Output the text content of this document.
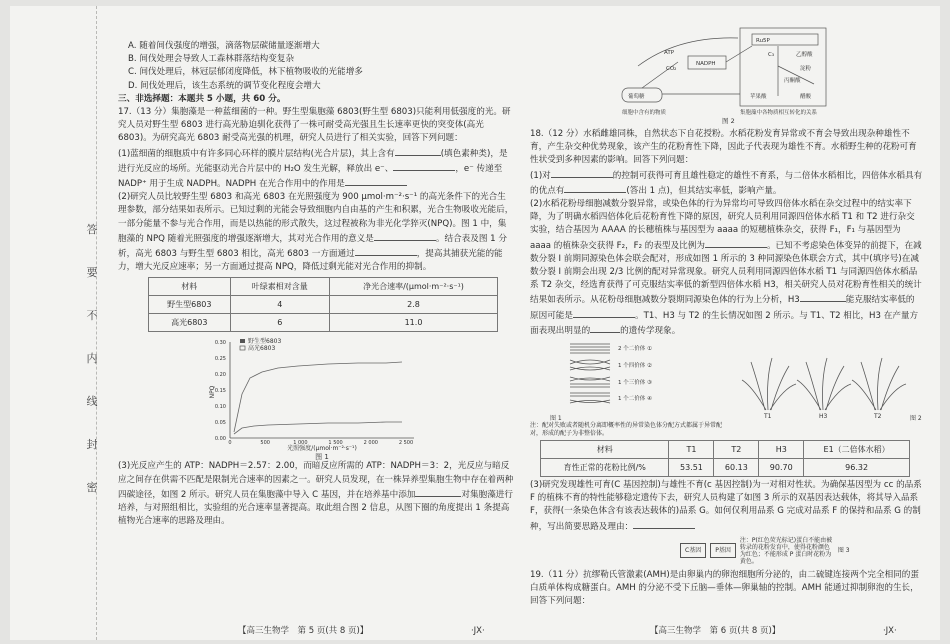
答
要
不
内
线
封
密

A. 随着间伐强度的增强，滴落物层碳储量逐渐增大

B. 间伐处理会导致人工森林群落结构变复杂

C. 间伐处理后，林冠层郁闭度降低，林下植物吸收的光能增多

D. 间伐处理后，该生态系统的调节变化程度会增大

三、非选择题：本题共 5 小题，共 60 分。

17.（13 分）集胞藻是一种蓝细菌的一种。野生型集胞藻 6803(野生型 6803)只能利用低强度的光。研究人员对野生型 6803 进行高光胁迫驯化获得了一株可耐受高光强且生长速率更快的突变体(高光 6803)。为研究高光 6803 耐受高光强的机理，研究人员进行了相关实验，回答下列问题：

(1)蓝细菌的细胞质中有许多同心环样的膜片层结构(光合片层)，其上含有	(填色素种类)，是进行光反应的场所。光能驱动光合片层中的 H₂O 发生光解，释放出 e⁻、	，e⁻ 传递至 NADP⁺ 用于生成 NADPH。NADPH 在光合作用中的作用是

(2)研究人员比较野生型 6803 和高光 6803 在光照强度为 900 μmol·m⁻²·s⁻¹ 的高光条件下的光合生理参数，部分结果如表所示。已知过剩的光能会导致细胞内自由基的产生和积累，光合生物吸收光能后，一部分能量不参与光合作用，而是以热能的形式散失，这过程被称为非光化学猝灭(NPQ)。图 1 中，集胞藻的 NPQ 随着光照强度的增强逐渐增大，其对光合作用的意义是	。结合表及图 1 分析，高光 6803 与野生型 6803 相比，高光 6803 一方面通过	，提高其捕获光能的能力，增大光反应速率；另一方面通过提高 NPQ，降低过剩光能对光合作用的抑制。

材料	叶绿素相对含量	净光合速率/(μmol·m⁻²·s⁻¹)
野生型6803	4	2.8
高光6803	6	11.0
0.00
0.05
0.10
0.15
0.20
0.25
0.30
0	500	1 000	1 500	2 000	2 500
NPQ
光照强度/(μmol·m⁻²·s⁻¹)
图 1
野生型6803
高光6803

(3)光反应产生的 ATP：NADPH＝2.57：2.00，而暗反应所需的 ATP：NADPH＝3：2，光反应与暗反应之间存在供需不匹配是限制光合速率的因素之一。研究人员发现，在一株异养型集胞生物中存在着两种四碳途径，如图 2 所示。研究人员在集胞藻中导入 C 基因，并在培养基中添加	对集胞藻进行培养，与对照组相比，实验组的光合速率显著提高。取此组合图 2 信息，从图下圈的角度提出 1 条提高植物光合速率的思路及理由。

【高三生物学　第 5 页(共 8 页)】	·JX·
ATP
NADPH
CO₂
Ru5P
C₃	乙醇酸
淀粉
丙酮酸
葡萄糖	苹果酸	醋酸
细胞中含有的物质	集胞藻中各物质相互转化的关系
图 2

18.（12 分）水稻雌雄同株，自然状态下自花授粉。水稻花粉发育异常或不育会导致出现杂种雄性不育，产生杂交种优势现象，该产生的花粉育性下降，因此子代表现为雄性不育。水稻野生种的花粉可育性状受到多种因素的影响。回答下列问题：

(1)对	的控制可获得可育且雄性稳定的雄性不育系，与二倍体水稻相比，四倍体水稻具有的优点有	(答出 1 点)，但其结实率低，影响产量。

(2)水稻花粉母细胞减数分裂异常，或染色体的行为异常均可导致四倍体水稻在杂交过程中的结实率下降，为了明确水稻四倍体化后花粉育性下降的原因，研究人员利用同源四倍体水稻 T1 和 T2 进行杂交实验，结合基因为 AAAA 的长穗植株与基因型为 aaaa 的短穗植株杂交，获得 F₁，F₁ 与基因型为 aaaa 的植株杂交获得 F₂，F₂ 的表型及比例为	。已知不考虑染色体变异的前提下，在减数分裂 I 前期同源染色体会联会配对，形成如图 1 所示的 3 种同源染色体联会方式，其中(填序号)在减数分裂 I 前期会出现 2/3 比例的配对异常现象。研究人员利用同源四倍体水稻 T1 与同源四倍体水稻品系 T2 杂交，经选育获得了可克服结实率低的新型四倍体水稻 H3，相关研究人员对花粉育性相关的统计结果如表所示。从花粉母细胞减数分裂期同源染色体的行为上分析，H3	能克服结实率低的原因可能是	。T1、H3 与 T2 的生长情况如图 2 所示。与 T1、T2 相比，H3 在产量方面表现出明显的	的遗传学现象。

2 个二价体 ①
1 个四价体 ②
1 个三价体 ③
1 个二价体 ④
图 1	T1	H3	T2	图 2

注：配对失败或者随机分离即概率性的异常染色体分配方式都属于异常配对，形成的配子为非整倍体。

材料	T1	T2	H3	E1（二倍体水稻）
育性正常的花粉比例/%	53.51	60.13	90.70	96.32

(3)研究发现雄性可育(C 基因控制)与雄性不育(c 基因控制)为一对相对性状。为确保基因型为 cc 的品系 F 的植株不育的特性能够稳定遗传下去，研究人员构建了如图 3 所示的双基因表达载体，将其导入品系 F，获得(一条染色体含有该表达载体的)品系 G。如何仅利用品系 G 完成对品系 F 的保持和品系 G 的制种，写出简要思路及理由：

C基因	P基因
注：P(红色荧光标记)蛋白不能由被转录的花粉发育中，使得花粉颜色为红色；不能形成 P 蛋白时花粉为黄色。
图 3

19.（11 分）抗缪勒氏管激素(AMH)是由卵巢内的卵泡细胞所分泌的，由二硫键连接两个完全相同的蛋白质单体构成糖蛋白。AMH 的分泌不受下丘脑—垂体—卵巢轴的控制。AMH 能通过抑制卵泡的生长，回答下列问题：

【高三生物学　第 6 页(共 8 页)】	·JX·
